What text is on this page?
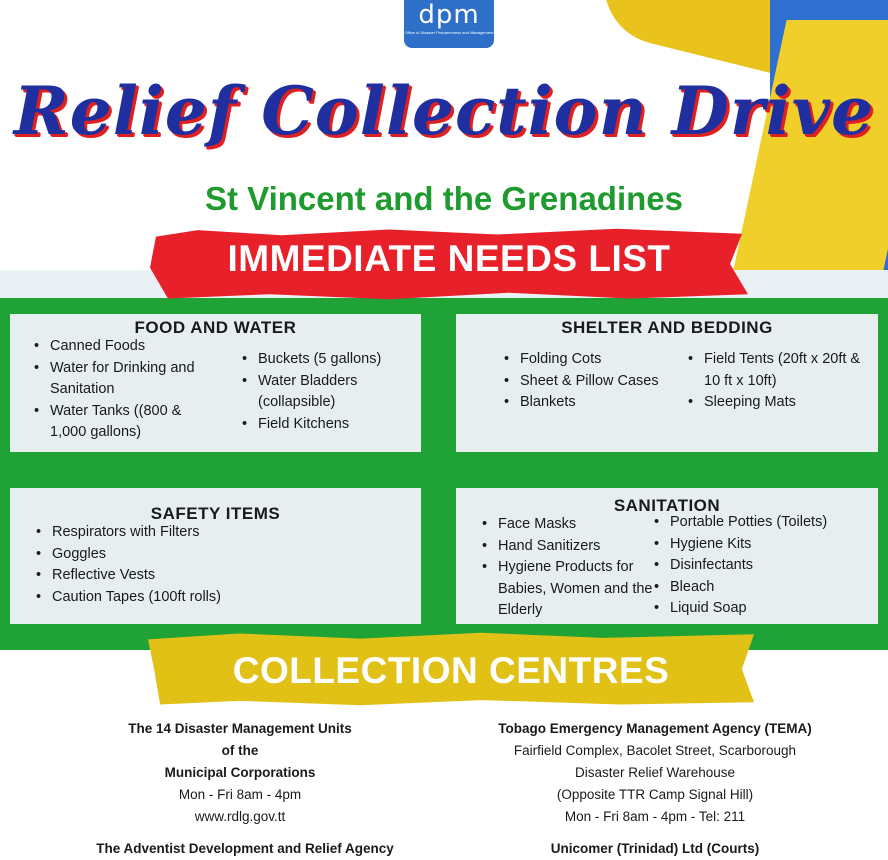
dpm
Office of Disaster Preparedness and Management
Relief Collection Drive
St Vincent and the Grenadines
IMMEDIATE NEEDS LIST
FOOD AND WATER
• Canned Foods
• Water for Drinking and Sanitation
• Water Tanks ((800 & 1,000 gallons)
• Buckets (5 gallons)
• Water Bladders (collapsible)
• Field Kitchens
SHELTER AND BEDDING
• Folding Cots
• Sheet & Pillow Cases
• Blankets
• Field Tents (20ft x 20ft & 10 ft x 10ft)
• Sleeping Mats
SAFETY ITEMS
• Respirators with Filters
• Goggles
• Reflective Vests
• Caution Tapes (100ft rolls)
SANITATION
• Face Masks
• Hand Sanitizers
• Hygiene Products for Babies, Women and the Elderly
• Portable Potties (Toilets)
• Hygiene Kits
• Disinfectants
• Bleach
• Liquid Soap
COLLECTION CENTRES
The 14 Disaster Management Units
of the
Municipal Corporations
Mon - Fri 8am - 4pm
www.rdlg.gov.tt
Tobago Emergency Management Agency (TEMA)
Fairfield Complex, Bacolet Street, Scarborough
Disaster Relief Warehouse
(Opposite TTR Camp Signal Hill)
Mon - Fri 8am - 4pm - Tel: 211
The Adventist Development and Relief Agency	Unicomer (Trinidad) Ltd (Courts)
